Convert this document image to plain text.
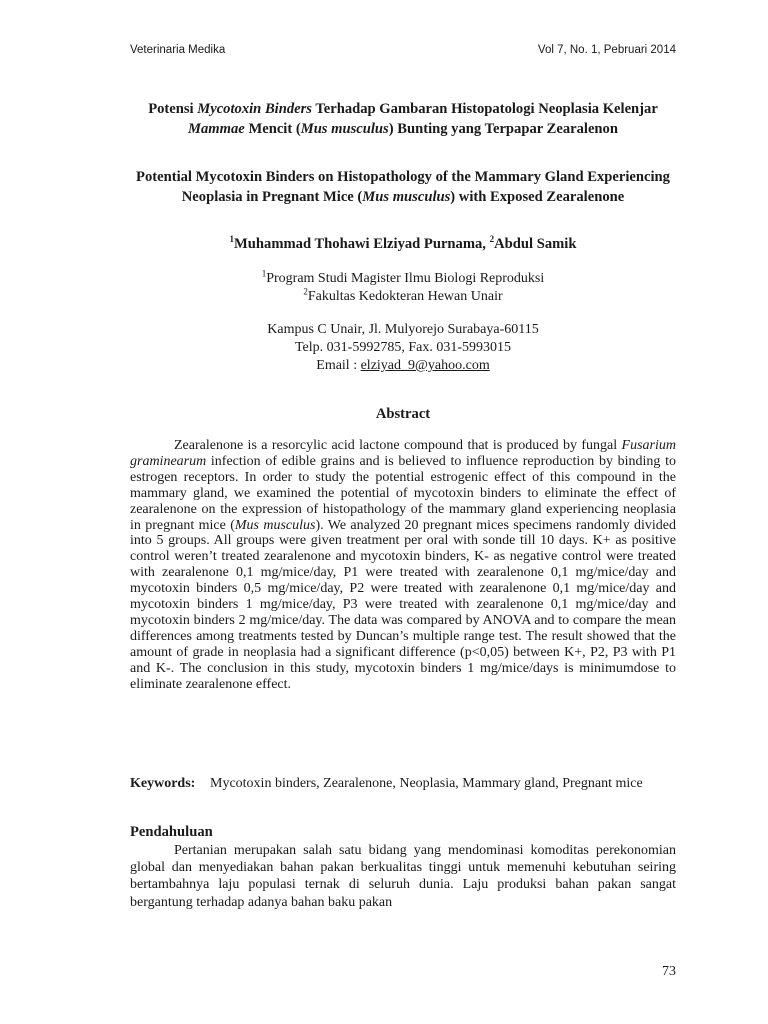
Veterinaria Medika	Vol 7, No. 1, Pebruari 2014
Potensi Mycotoxin Binders Terhadap Gambaran Histopatologi Neoplasia Kelenjar Mammae Mencit (Mus musculus) Bunting yang Terpapar Zearalenon
Potential Mycotoxin Binders on Histopathology of the Mammary Gland Experiencing Neoplasia in Pregnant Mice (Mus musculus) with Exposed Zearalenone
$^1$Muhammad Thohawi Elziyad Purnama, $^2$Abdul Samik
$^1$Program Studi Magister Ilmu Biologi Reproduksi
$^2$Fakultas Kedokteran Hewan Unair
Kampus C Unair, Jl. Mulyorejo Surabaya-60115
Telp. 031-5992785, Fax. 031-5993015
Email : elziyad_9@yahoo.com
Abstract
Zearalenone is a resorcylic acid lactone compound that is produced by fungal Fusarium graminearum infection of edible grains and is believed to influence reproduction by binding to estrogen receptors. In order to study the potential estrogenic effect of this compound in the mammary gland, we examined the potential of mycotoxin binders to eliminate the effect of zearalenone on the expression of histopathology of the mammary gland experiencing neoplasia in pregnant mice (Mus musculus). We analyzed 20 pregnant mices specimens randomly divided into 5 groups. All groups were given treatment per oral with sonde till 10 days. K+ as positive control weren’t treated zearalenone and mycotoxin binders, K- as negative control were treated with zearalenone 0,1 mg/mice/day, P1 were treated with zearalenone 0,1 mg/mice/day and mycotoxin binders 0,5 mg/mice/day, P2 were treated with zearalenone 0,1 mg/mice/day and mycotoxin binders 1 mg/mice/day, P3 were treated with zearalenone 0,1 mg/mice/day and mycotoxin binders 2 mg/mice/day. The data was compared by ANOVA and to compare the mean differences among treatments tested by Duncan’s multiple range test. The result showed that the amount of grade in neoplasia had a significant difference (p<0,05) between K+, P2, P3 with P1 and K-. The conclusion in this study, mycotoxin binders 1 mg/mice/days is minimumdose to eliminate zearalenone effect.
Keywords: Mycotoxin binders, Zearalenone, Neoplasia, Mammary gland, Pregnant mice
Pendahuluan
Pertanian merupakan salah satu bidang yang mendominasi komoditas perekonomian global dan menyediakan bahan pakan berkualitas tinggi untuk memenuhi kebutuhan seiring bertambahnya laju populasi ternak di seluruh dunia. Laju produksi bahan pakan sangat bergantung terhadap adanya bahan baku pakan
73
